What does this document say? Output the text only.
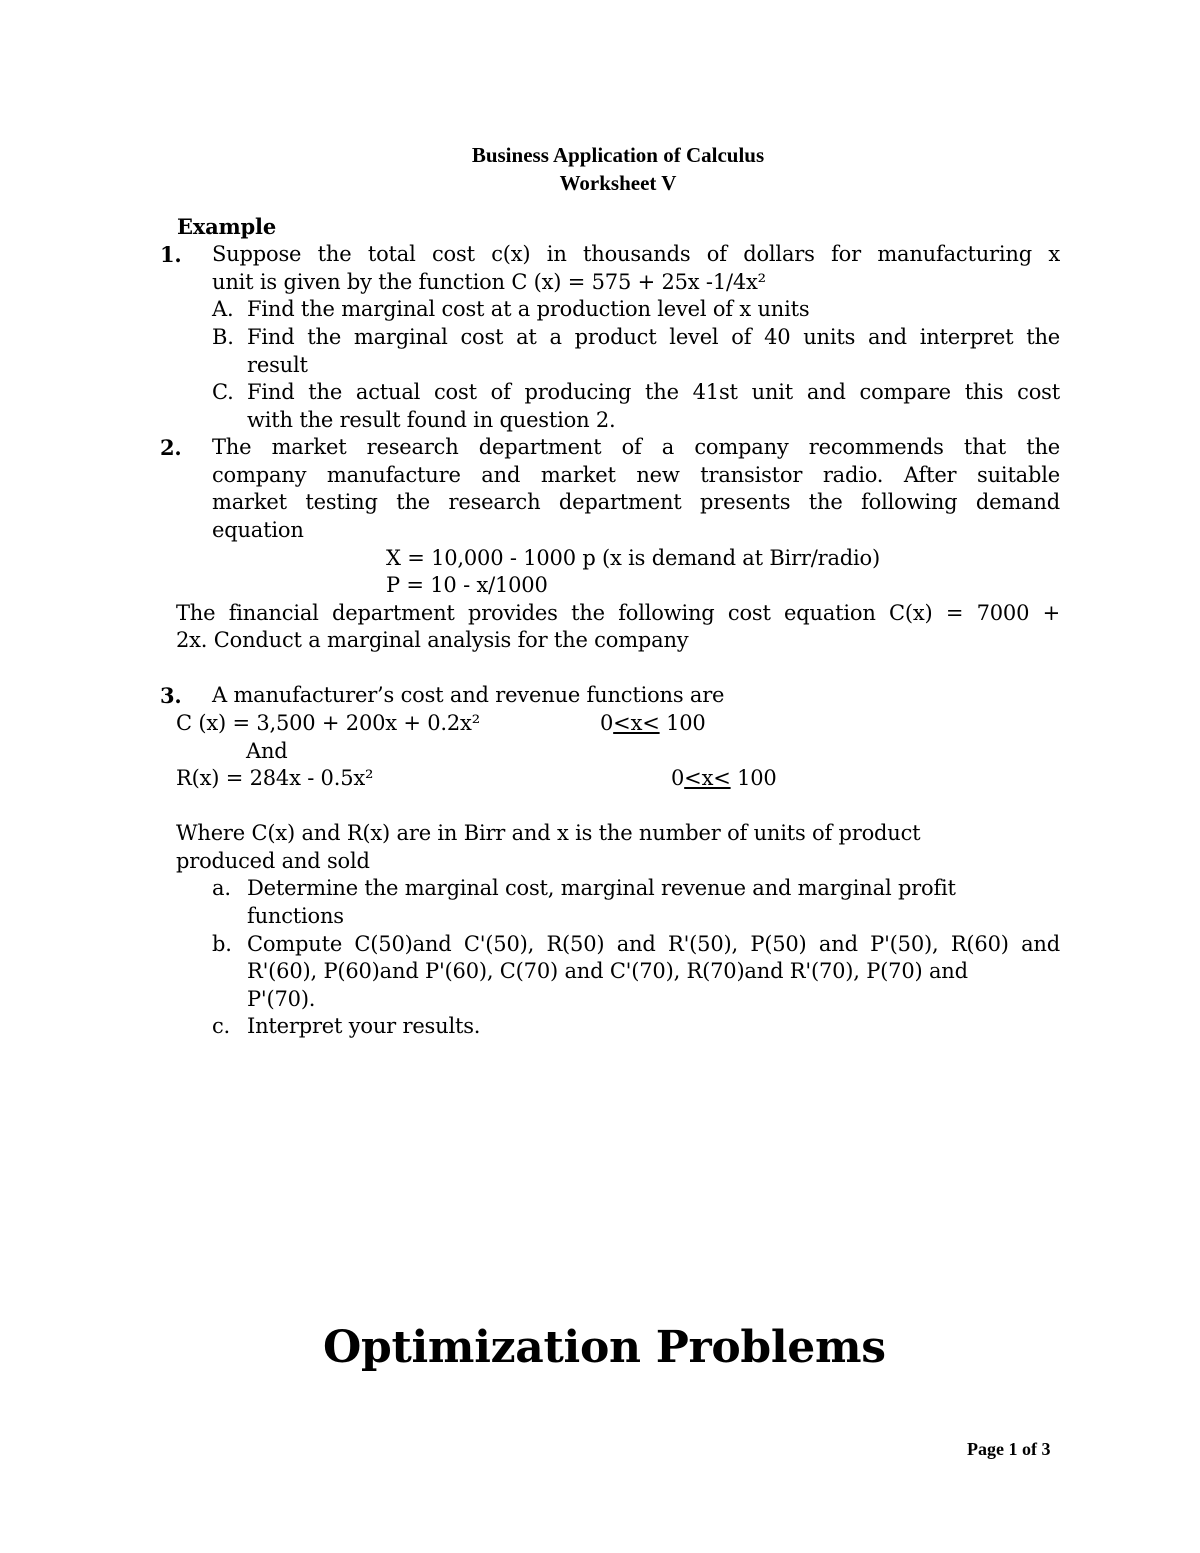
Business Application of Calculus
Worksheet V
Example
1. Suppose the total cost c(x) in thousands of dollars for manufacturing x
unit is given by the function C (x) = 575 + 25x -1/4x²
A. Find the marginal cost at a production level of x units
B. Find the marginal cost at a product level of 40 units and interpret the
result
C. Find the actual cost of producing the 41st unit and compare this cost
with the result found in question 2.
2. The market research department of a company recommends that the
company manufacture and market new transistor radio. After suitable
market testing the research department presents the following demand
equation
X = 10,000 - 1000 p (x is demand at Birr/radio)
P = 10 - x/1000
The financial department provides the following cost equation C(x) = 7000 +
2x. Conduct a marginal analysis for the company
3. A manufacturer’s cost and revenue functions are
C (x) = 3,500 + 200x + 0.2x²	0<x< 100
And
R(x) = 284x - 0.5x²	0<x< 100
Where C(x) and R(x) are in Birr and x is the number of units of product
produced and sold
a. Determine the marginal cost, marginal revenue and marginal profit
functions
b. Compute C(50)and C'(50), R(50) and R'(50), P(50) and P'(50), R(60) and
R'(60), P(60)and P'(60), C(70) and C'(70), R(70)and R'(70), P(70) and
P'(70).
c. Interpret your results.
Optimization Problems
Page 1 of 3
